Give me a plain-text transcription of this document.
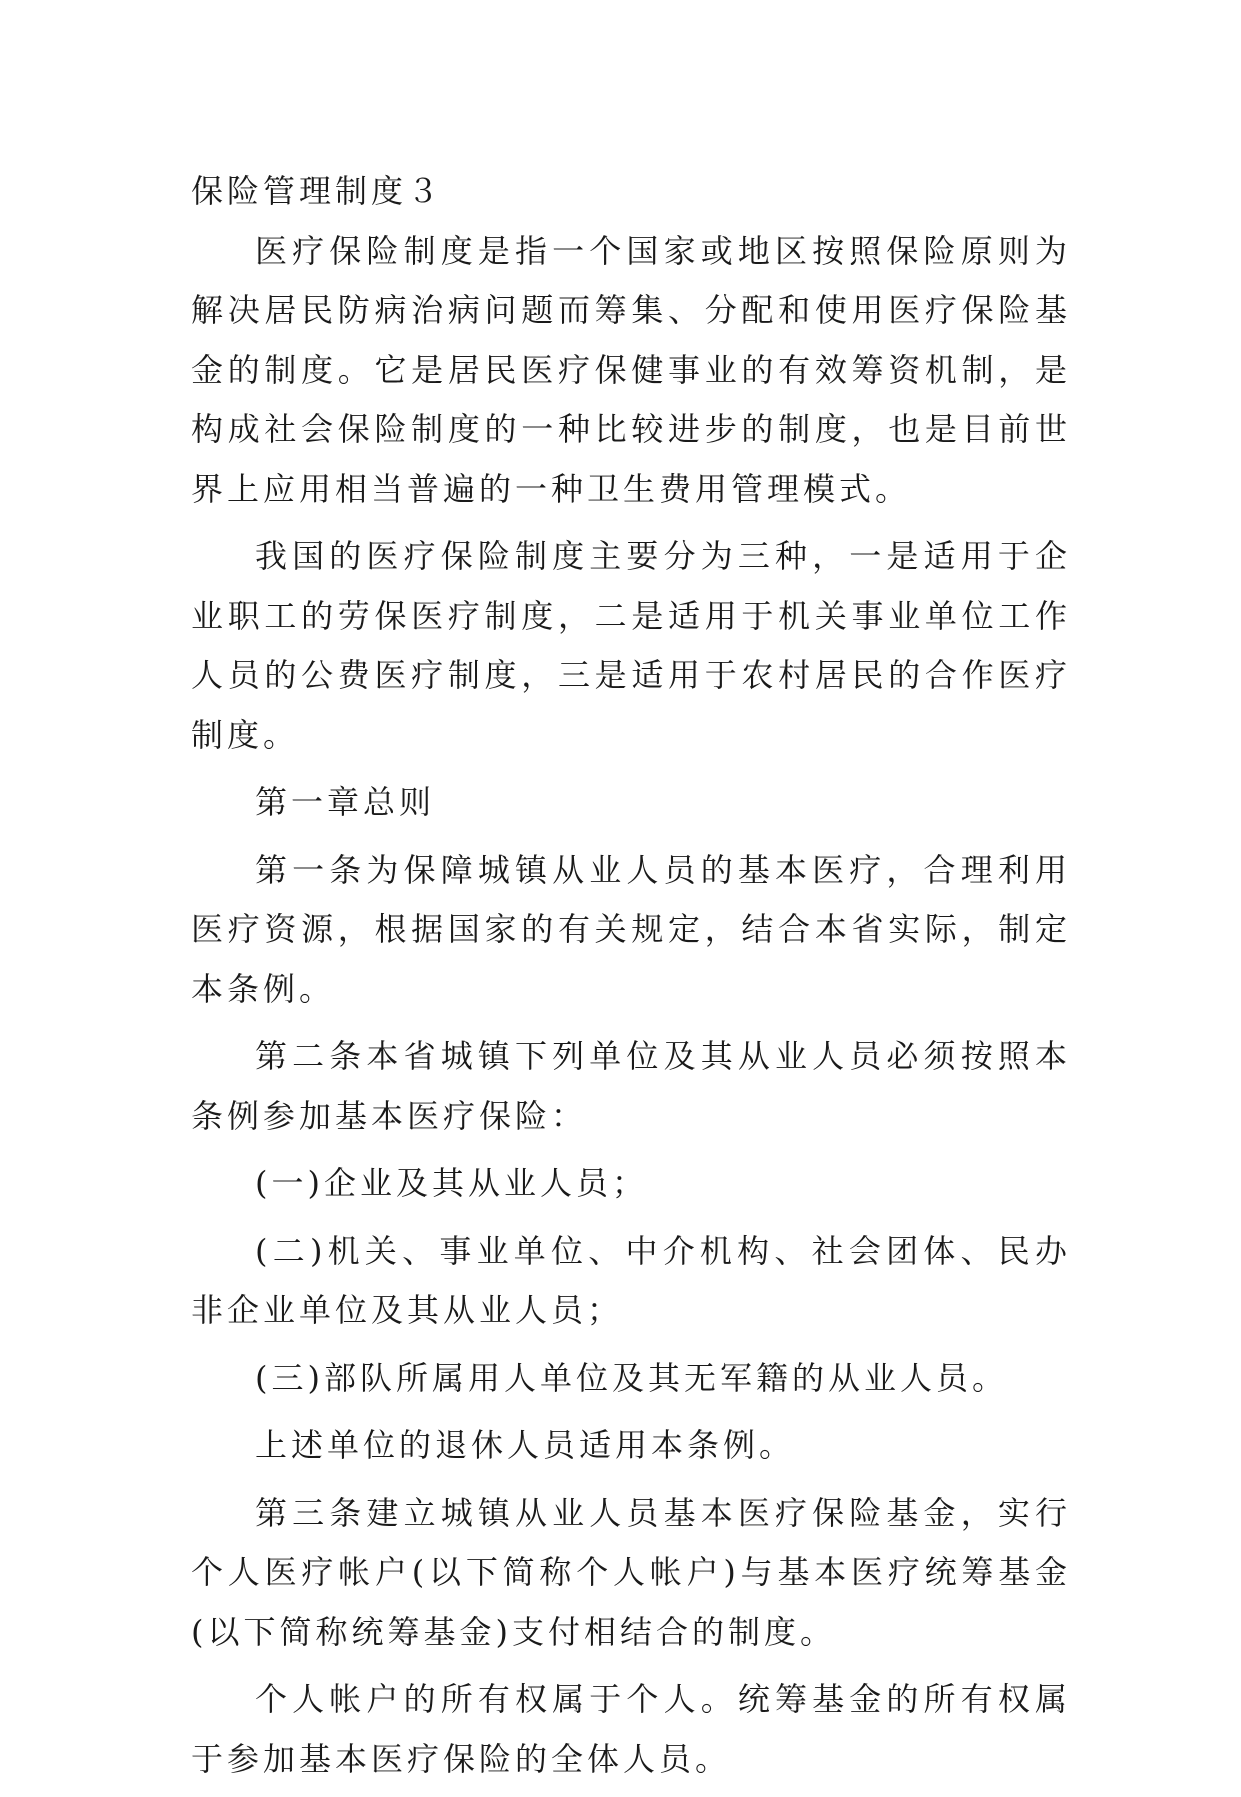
保险管理制度３

医疗保险制度是指一个国家或地区按照保险原则为解决居民防病治病问题而筹集、分配和使用医疗保险基金的制度。它是居民医疗保健事业的有效筹资机制，是构成社会保险制度的一种比较进步的制度，也是目前世界上应用相当普遍的一种卫生费用管理模式。

我国的医疗保险制度主要分为三种，一是适用于企业职工的劳保医疗制度，二是适用于机关事业单位工作人员的公费医疗制度，三是适用于农村居民的合作医疗制度。

第一章总则

第一条为保障城镇从业人员的基本医疗，合理利用医疗资源，根据国家的有关规定，结合本省实际，制定本条例。

第二条本省城镇下列单位及其从业人员必须按照本条例参加基本医疗保险：

(一)企业及其从业人员；

(二)机关、事业单位、中介机构、社会团体、民办非企业单位及其从业人员；

(三)部队所属用人单位及其无军籍的从业人员。

上述单位的退休人员适用本条例。

第三条建立城镇从业人员基本医疗保险基金，实行个人医疗帐户(以下简称个人帐户)与基本医疗统筹基金(以下简称统筹基金)支付相结合的制度。

个人帐户的所有权属于个人。统筹基金的所有权属于参加基本医疗保险的全体人员。
